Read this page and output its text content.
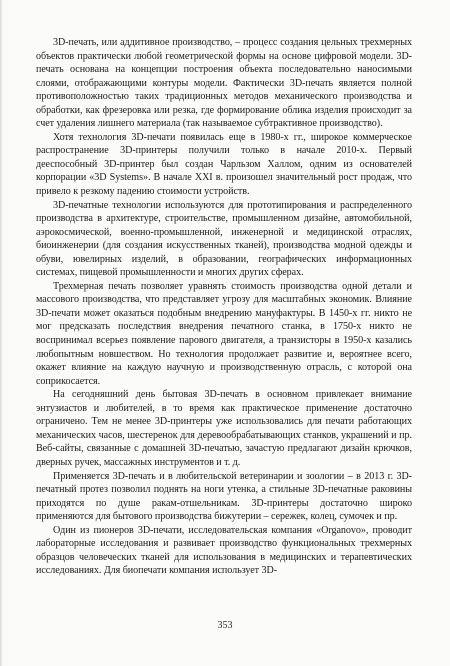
3D-печать, или аддитивное производство, – процесс создания цельных трехмерных объектов практически любой геометрической формы на основе цифровой модели. 3D-печать основана на концепции построения объекта последовательно наносимыми слоями, отображающими контуры модели. Фактически 3D-печать является полной противоположностью таких традиционных методов механического производства и обработки, как фрезеровка или резка, где формирование облика изделия происходит за счет удаления лишнего материала (так называемое субтрактивное производство).

Хотя технология 3D-печати появилась еще в 1980-х гг., широкое коммерческое распространение 3D-принтеры получили только в начале 2010-х. Первый дееспособный 3D-принтер был создан Чарльзом Халлом, одним из основателей корпорации «3D Systems». В начале XXI в. произошел значительный рост продаж, что привело к резкому падению стоимости устройств.

3D-печатные технологии используются для прототипирования и распределенного производства в архитектуре, строительстве, промышленном дизайне, автомобильной, аэрокосмической, военно-промышленной, инженерной и медицинской отраслях, биоинженерии (для создания искусственных тканей), производства модной одежды и обуви, ювелирных изделий, в образовании, географических информационных системах, пищевой промышленности и многих других сферах.

Трехмерная печать позволяет уравнять стоимость производства одной детали и массового производства, что представляет угрозу для масштабных экономик. Влияние 3D-печати может оказаться подобным внедрению мануфактуры. В 1450-х гг. никто не мог предсказать последствия внедрения печатного станка, в 1750-х никто не воспринимал всерьез появление парового двигателя, а транзисторы в 1950-х казались любопытным новшеством. Но технология продолжает развитие и, вероятнее всего, окажет влияние на каждую научную и производственную отрасль, с которой она соприкосается.

На сегодняшний день бытовая 3D-печать в основном привлекает внимание энтузиастов и любителей, в то время как практическое применение достаточно ограничено. Тем не менее 3D-принтеры уже использовались для печати работающих механических часов, шестеренок для деревообрабатывающих станков, украшений и пр. Веб-сайты, связанные с домашней 3D-печатью, зачастую предлагают дизайн крючков, дверных ручек, массажных инструментов и т. д.

Применяется 3D-печать и в любительской ветеринарии и зоологии – в 2013 г. 3D-печатный протез позволил поднять на ноги утенка, а стильные 3D-печатные раковины приходятся по душе ракам-отшельникам. 3D-принтеры достаточно широко применяются для бытового производства бижутерии – сережек, колец, сумочек и пр.

Один из пионеров 3D-печати, исследовательская компания «Organovo», проводит лабораторные исследования и развивает производство функциональных трехмерных образцов человеческих тканей для использования в медицинских и терапевтических исследованиях. Для биопечати компания использует 3D-

353
